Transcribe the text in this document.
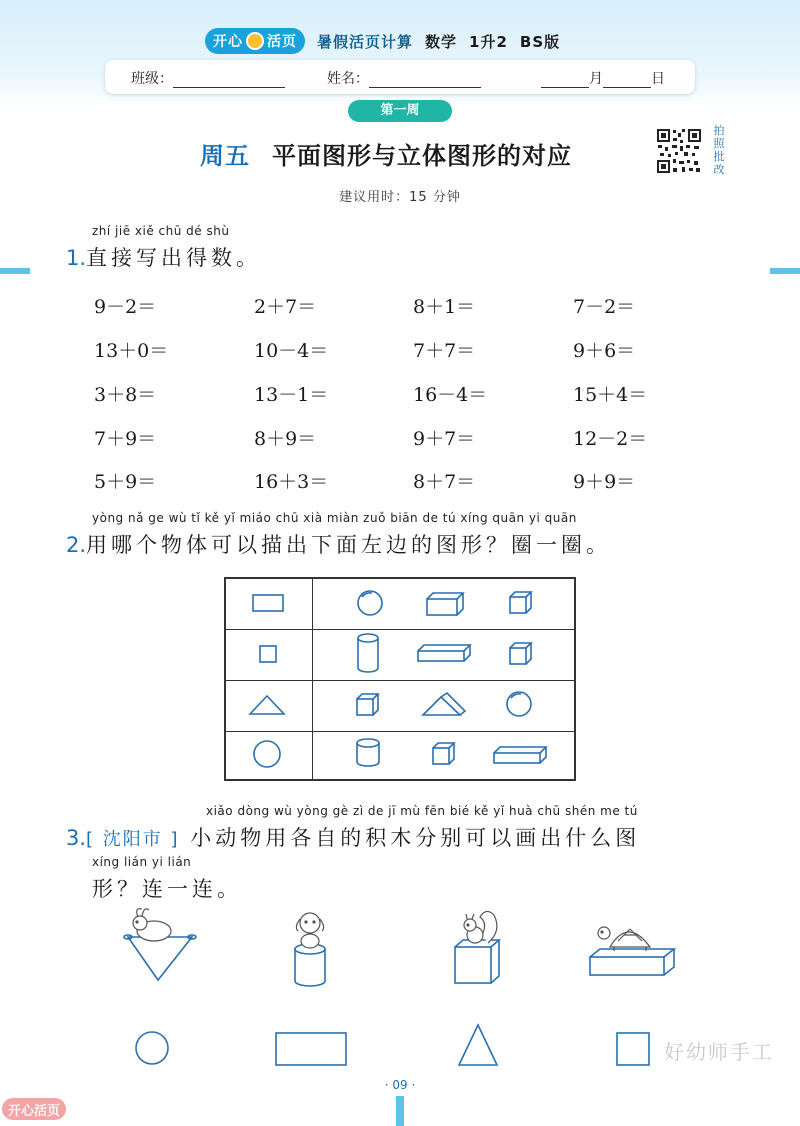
开心 活页 暑假活页计算 数学 1升2 BS版
班级：	姓名：	月	日
第一周
周五 平面图形与立体图形的对应
拍
照
批
改
建议用时：15 分钟
zhí jiē xiě chū dé shù
1.直接写出得数。
9－2＝	2＋7＝	8＋1＝	7－2＝
13＋0＝	10－4＝	7＋7＝	9＋6＝
3＋8＝	13－1＝	16－4＝	15＋4＝
7＋9＝	8＋9＝	9＋7＝	12－2＝
5＋9＝	16＋3＝	8＋7＝	9＋9＝
yòng nǎ ge wù tǐ kě yǐ miáo chū xià miàn zuǒ biān de tú xíng quān yi quān
2.用哪个物体可以描出下面左边的图形？圈一圈。
xiǎo dòng wù yòng gè zì de jī mù fēn bié kě yǐ huà chū shén me tú
3.[ 沈阳市 ] 小动物用各自的积木分别可以画出什么图
xíng lián yi lián
形？连一连。
好幼师手工
· 09 ·
开心活页
